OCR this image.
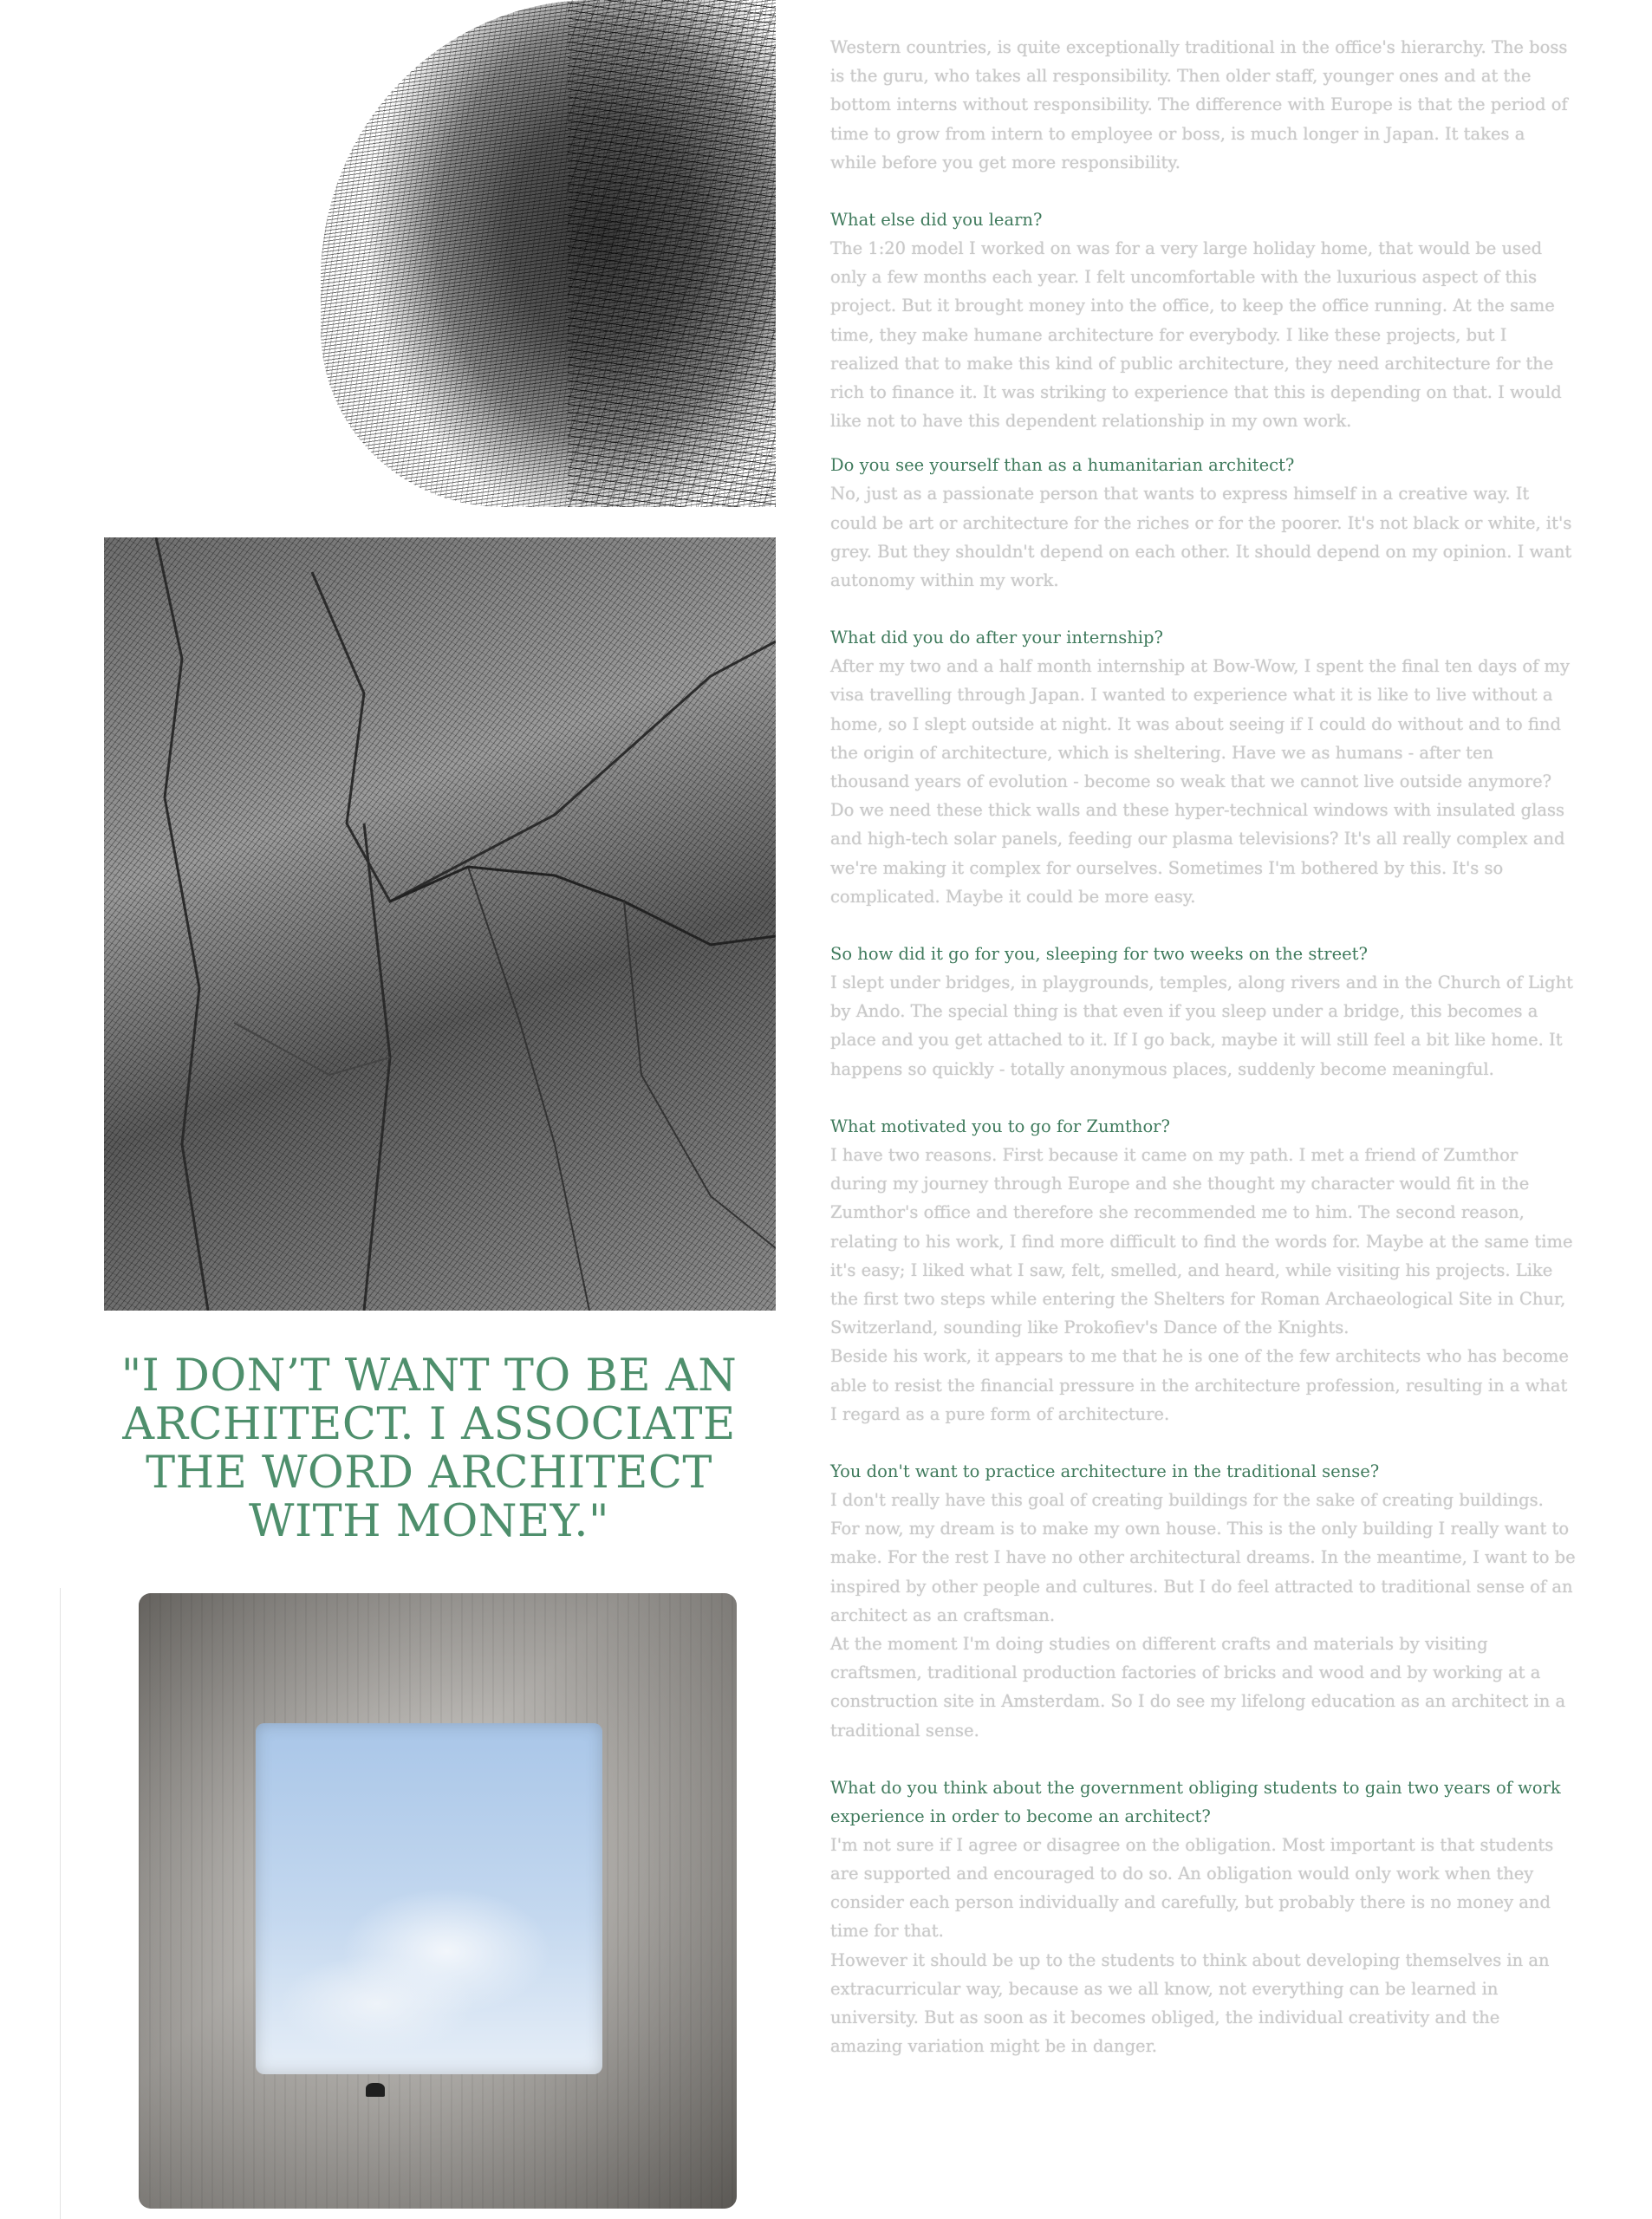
"I DON’T WANT TO BE AN ARCHITECT. I ASSOCIATE THE WORD ARCHITECT WITH MONEY."

Western countries, is quite exceptionally traditional in the office's hierarchy. The boss is the guru, who takes all responsibility. Then older staff, younger ones and at the bottom interns without responsibility. The difference with Europe is that the period of time to grow from intern to employee or boss, is much longer in Japan. It takes a while before you get more responsibility.

What else did you learn?

The 1:20 model I worked on was for a very large holiday home, that would be used only a few months each year. I felt uncomfortable with the luxurious aspect of this project. But it brought money into the office, to keep the office running. At the same time, they make humane architecture for everybody. I like these projects, but I realized that to make this kind of public architecture, they need architecture for the rich to finance it. It was striking to experience that this is depending on that. I would like not to have this dependent relationship in my own work.

Do you see yourself than as a humanitarian architect?

No, just as a passionate person that wants to express himself in a creative way. It could be art or architecture for the riches or for the poorer. It's not black or white, it's grey. But they shouldn't depend on each other. It should depend on my opinion. I want autonomy within my work.

What did you do after your internship?

After my two and a half month internship at Bow-Wow, I spent the final ten days of my visa travelling through Japan. I wanted to experience what it is like to live without a home, so I slept outside at night. It was about seeing if I could do without and to find the origin of architecture, which is sheltering. Have we as humans - after ten thousand years of evolution - become so weak that we cannot live outside anymore? Do we need these thick walls and these hyper-technical windows with insulated glass and high-tech solar panels, feeding our plasma televisions? It's all really complex and we're making it complex for ourselves. Sometimes I'm bothered by this. It's so complicated. Maybe it could be more easy.

So how did it go for you, sleeping for two weeks on the street?

I slept under bridges, in playgrounds, temples, along rivers and in the Church of Light by Ando. The special thing is that even if you sleep under a bridge, this becomes a place and you get attached to it. If I go back, maybe it will still feel a bit like home. It happens so quickly - totally anonymous places, suddenly become meaningful.

What motivated you to go for Zumthor?

I have two reasons. First because it came on my path. I met a friend of Zumthor during my journey through Europe and she thought my character would fit in the Zumthor's office and therefore she recommended me to him. The second reason, relating to his work, I find more difficult to find the words for. Maybe at the same time it's easy; I liked what I saw, felt, smelled, and heard, while visiting his projects. Like the first two steps while entering the Shelters for Roman Archaeological Site in Chur, Switzerland, sounding like Prokofiev's Dance of the Knights.

Beside his work, it appears to me that he is one of the few architects who has become able to resist the financial pressure in the architecture profession, resulting in a what I regard as a pure form of architecture.

You don't want to practice architecture in the traditional sense?

I don't really have this goal of creating buildings for the sake of creating buildings. For now, my dream is to make my own house. This is the only building I really want to make. For the rest I have no other architectural dreams. In the meantime, I want to be inspired by other people and cultures. But I do feel attracted to traditional sense of an architect as an craftsman.

At the moment I'm doing studies on different crafts and materials by visiting craftsmen, traditional production factories of bricks and wood and by working at a construction site in Amsterdam. So I do see my lifelong education as an architect in a traditional sense.

What do you think about the government obliging students to gain two years of work experience in order to become an architect?

I'm not sure if I agree or disagree on the obligation. Most important is that students are supported and encouraged to do so. An obligation would only work when they consider each person individually and carefully, but probably there is no money and time for that.

However it should be up to the students to think about developing themselves in an extracurricular way, because as we all know, not everything can be learned in university. But as soon as it becomes obliged, the individual creativity and the amazing variation might be in danger.
